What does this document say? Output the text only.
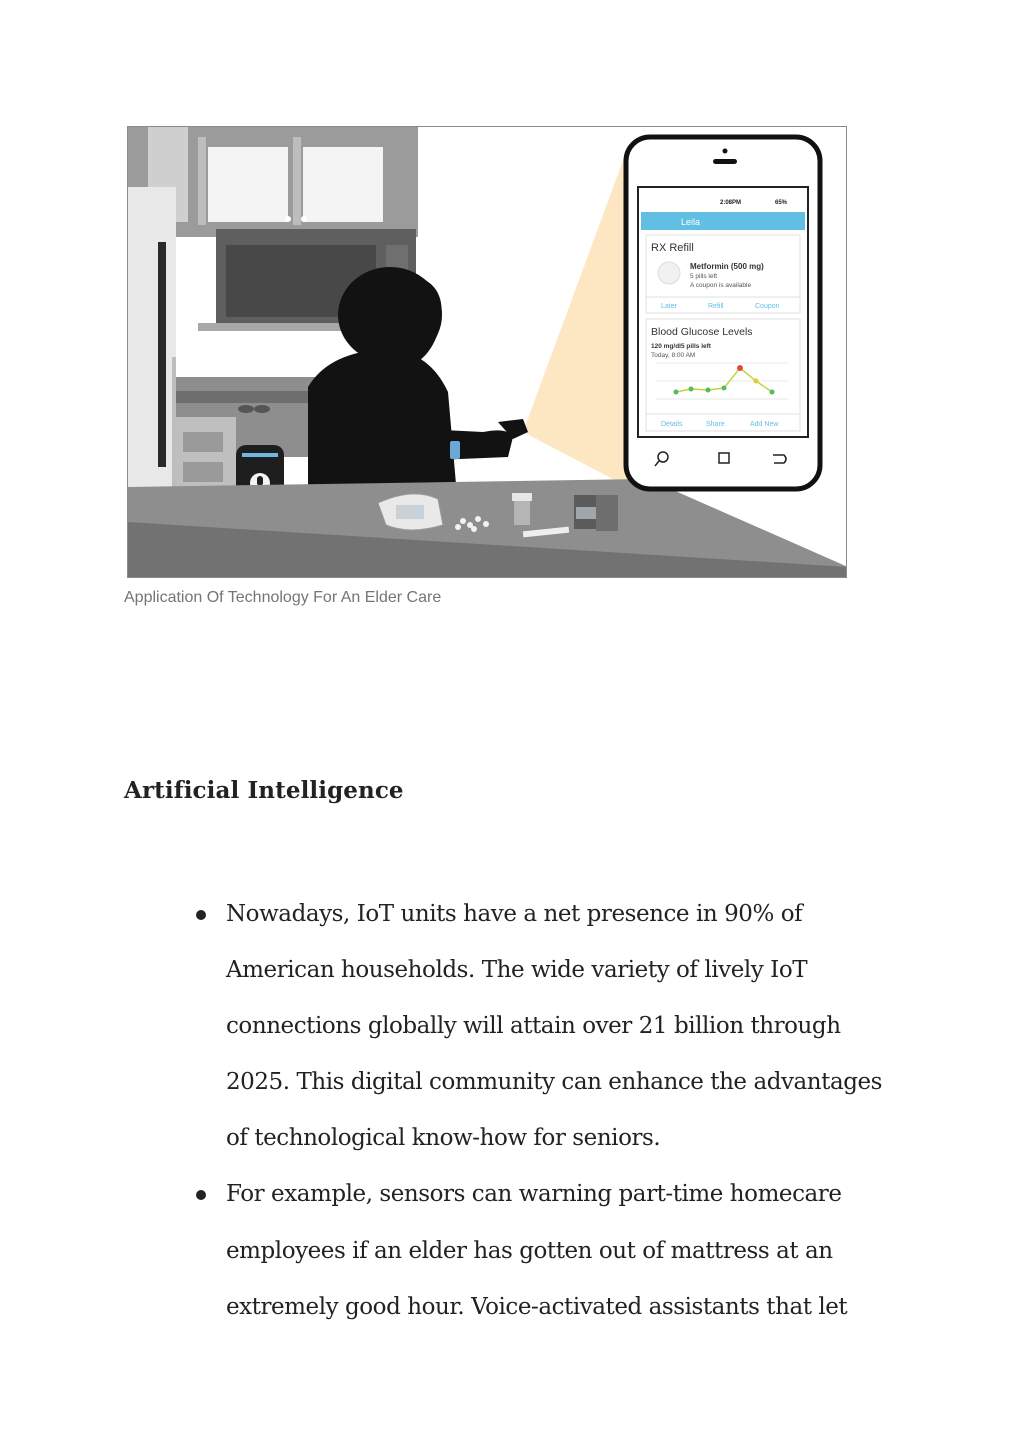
2:08PM	65%
Leila
RX Refill
Metformin (500 mg)
5 pills left
A coupon is available
Later	Refill	Coupon
Blood Glucose Levels
120 mg/dl5 pills left
Today, 8:00 AM
Details	Share	Add New
Application Of Technology For An Elder Care
Artificial Intelligence
Nowadays, IoT units have a net presence in 90% of
American households. The wide variety of lively IoT
connections globally will attain over 21 billion through
2025. This digital community can enhance the advantages
of technological know-how for seniors.
For example, sensors can warning part-time homecare
employees if an elder has gotten out of mattress at an
extremely good hour. Voice-activated assistants that let
